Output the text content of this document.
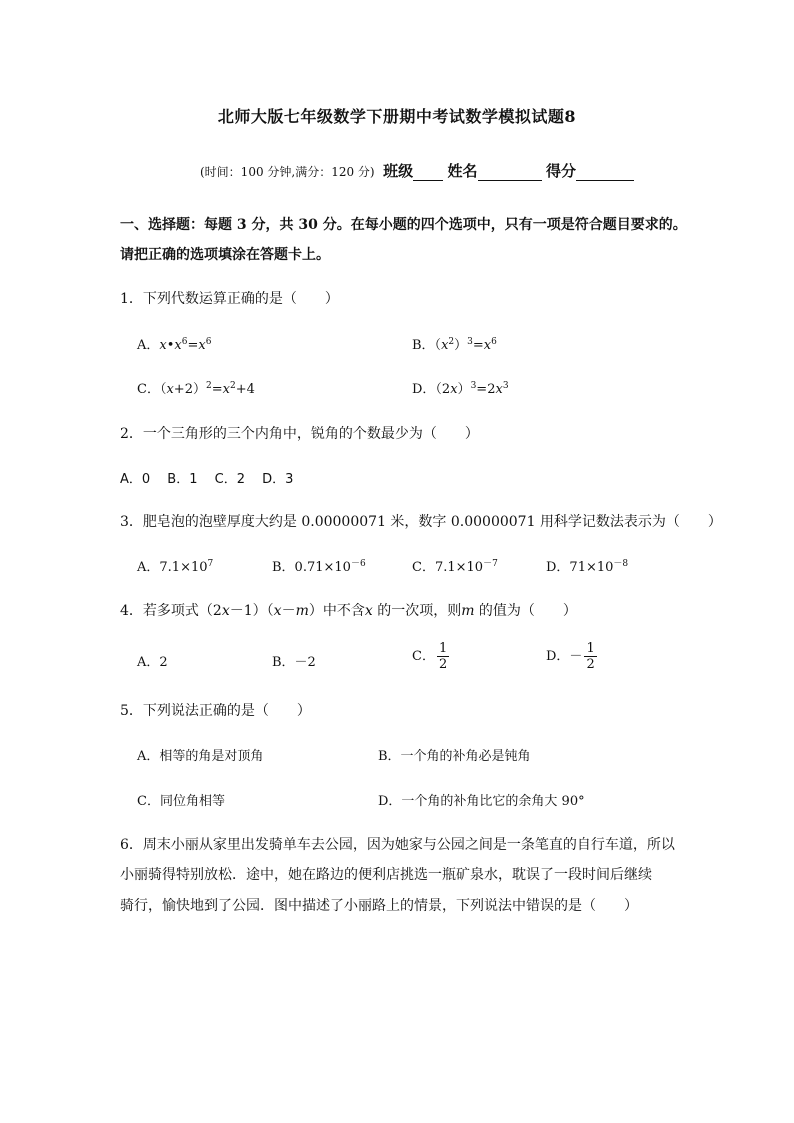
北师大版七年级数学下册期中考试数学模拟试题8
(时间：100 分钟,满分：120 分) 班级 姓名	得分
一、选择题：每题 3 分，共 30 分。在每小题的四个选项中，只有一项是符合题目要求的。
请把正确的选项填涂在答题卡上。
1．下列代数运算正确的是（　　）
A．$x•x^6=x^6$	B．$(x^2)^3=x^6$
C．$(x+2)^2=x^2+4$	D．$(2x)^3=2x^3$
2．一个三角形的三个内角中，锐角的个数最少为（　　）
A．0　 B．1　 C．2　 D．3
3．肥皂泡的泡壁厚度大约是 0.00000071 米，数字 0.00000071 用科学记数法表示为（　　）
A．$7.1\times 10^7$	B．$0.71\times 10^{-6}$	C．$7.1\times 10^{-7}$	D．$71\times 10^{-8}$
4．若多项式（2x－1）（x－m）中不含x 的一次项，则m 的值为（　　）
A．2	B．－2	C． $\frac{1}{2}$	D．－ $\frac{1}{2}$
5．下列说法正确的是（　　）
A．相等的角是对顶角	B．一个角的补角必是钝角
C．同位角相等	D．一个角的补角比它的余角大 90°
6．周末小丽从家里出发骑单车去公园，因为她家与公园之间是一条笔直的自行车道，所以
小丽骑得特别放松．途中，她在路边的便利店挑选一瓶矿泉水，耽误了一段时间后继续
骑行，愉快地到了公园．图中描述了小丽路上的情景，下列说法中错误的是（　　）
